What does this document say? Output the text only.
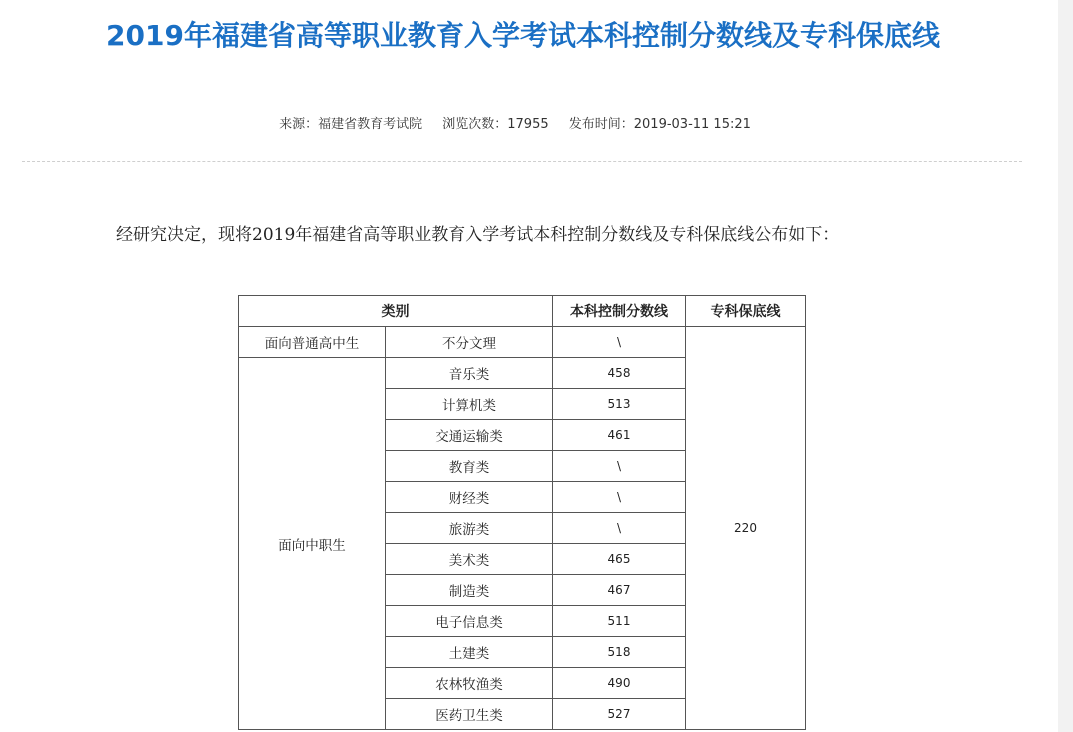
2019年福建省高等职业教育入学考试本科控制分数线及专科保底线
来源：福建省教育考试院 浏览次数：17955 发布时间：2019-03-11 15:21
经研究决定，现将2019年福建省高等职业教育入学考试本科控制分数线及专科保底线公布如下：
类别		本科控制分数线	专科保底线
面向普通高中生	不分文理	\	220
面向中职生	音乐类	458	
	计算机类	513	
	交通运输类	461	
	教育类	\	
	财经类	\	
	旅游类	\	
	美术类	465	
	制造类	467	
	电子信息类	511	
	土建类	518	
	农林牧渔类	490	
	医药卫生类	527	
